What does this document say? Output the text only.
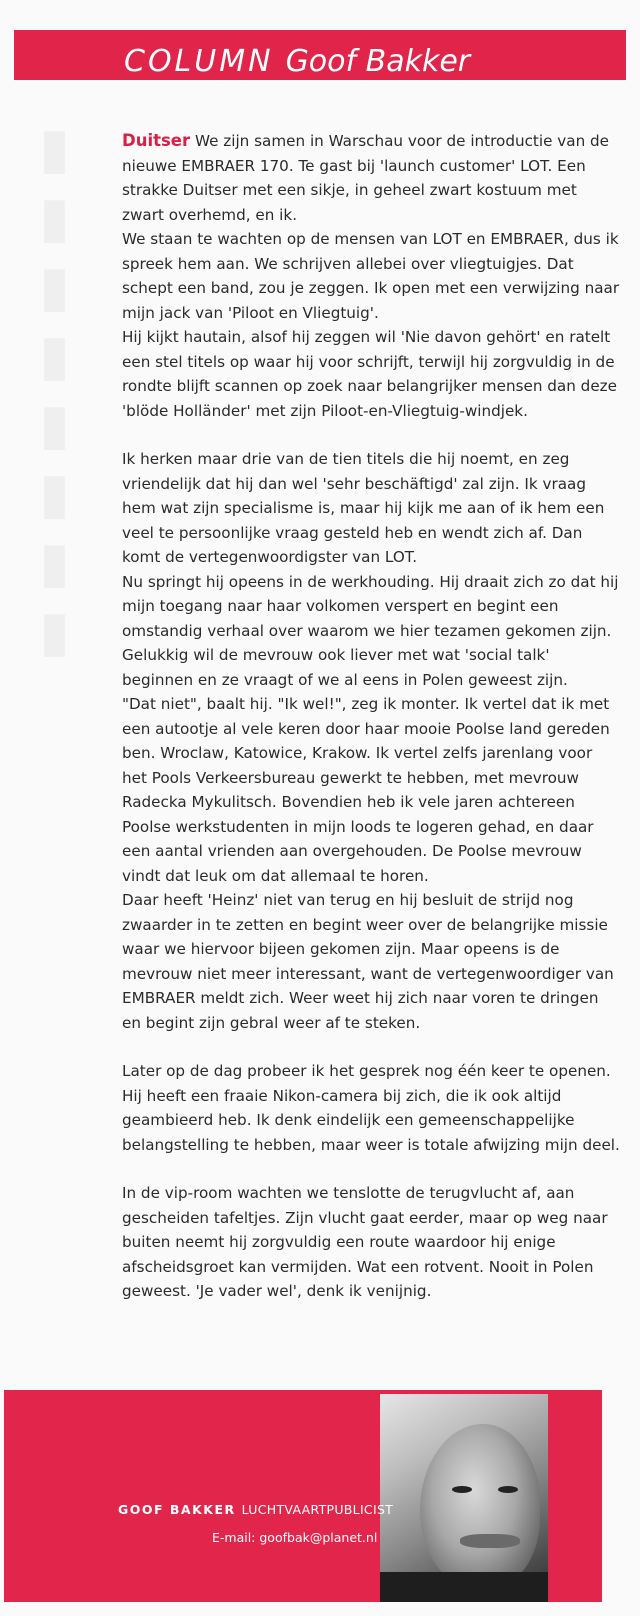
COLUMN Goof Bakker
▮▮▮▮▮▮▮▮ Duitser We zijn samen in Warschau voor de introductie van de nieuwe EMBRAER 170. Te gast bij 'launch customer' LOT. Een strakke Duitser met een sikje, in geheel zwart kostuum met zwart overhemd, en ik.

We staan te wachten op de mensen van LOT en EMBRAER, dus ik spreek hem aan. We schrijven allebei over vliegtuigjes. Dat schept een band, zou je zeggen. Ik open met een verwijzing naar mijn jack van 'Piloot en Vliegtuig'.

Hij kijkt hautain, alsof hij zeggen wil 'Nie davon gehört' en ratelt een stel titels op waar hij voor schrijft, terwijl hij zorgvuldig in de rondte blijft scannen op zoek naar belangrijker mensen dan deze 'blöde Holländer' met zijn Piloot-en-Vliegtuig-windjek.

Ik herken maar drie van de tien titels die hij noemt, en zeg vriendelijk dat hij dan wel 'sehr beschäftigd' zal zijn. Ik vraag hem wat zijn specialisme is, maar hij kijk me aan of ik hem een veel te persoonlijke vraag gesteld heb en wendt zich af. Dan komt de vertegenwoordigster van LOT.

Nu springt hij opeens in de werkhouding. Hij draait zich zo dat hij mijn toegang naar haar volkomen verspert en begint een omstandig verhaal over waarom we hier tezamen gekomen zijn. Gelukkig wil de mevrouw ook liever met wat 'social talk' beginnen en ze vraagt of we al eens in Polen geweest zijn.

"Dat niet", baalt hij. "Ik wel!", zeg ik monter. Ik vertel dat ik met een autootje al vele keren door haar mooie Poolse land gereden ben. Wroclaw, Katowice, Krakow. Ik vertel zelfs jarenlang voor het Pools Verkeersbureau gewerkt te hebben, met mevrouw Radecka Mykulitsch. Bovendien heb ik vele jaren achtereen Poolse werkstudenten in mijn loods te logeren gehad, en daar een aantal vrienden aan overgehouden. De Poolse mevrouw vindt dat leuk om dat allemaal te horen.

Daar heeft 'Heinz' niet van terug en hij besluit de strijd nog zwaarder in te zetten en begint weer over de belangrijke missie waar we hiervoor bijeen gekomen zijn. Maar opeens is de mevrouw niet meer interessant, want de vertegenwoordiger van EMBRAER meldt zich. Weer weet hij zich naar voren te dringen en begint zijn gebral weer af te steken.

Later op de dag probeer ik het gesprek nog één keer te openen. Hij heeft een fraaie Nikon-camera bij zich, die ik ook altijd geambieerd heb. Ik denk eindelijk een gemeenschappelijke belangstelling te hebben, maar weer is totale afwijzing mijn deel.

In de vip-room wachten we tenslotte de terugvlucht af, aan gescheiden tafeltjes. Zijn vlucht gaat eerder, maar op weg naar buiten neemt hij zorgvuldig een route waardoor hij enige afscheidsgroet kan vermijden. Wat een rotvent. Nooit in Polen geweest. 'Je vader wel', denk ik venijnig.

GOOF BAKKER LUCHTVAARTPUBLICIST
E-mail: goofbak@planet.nl
